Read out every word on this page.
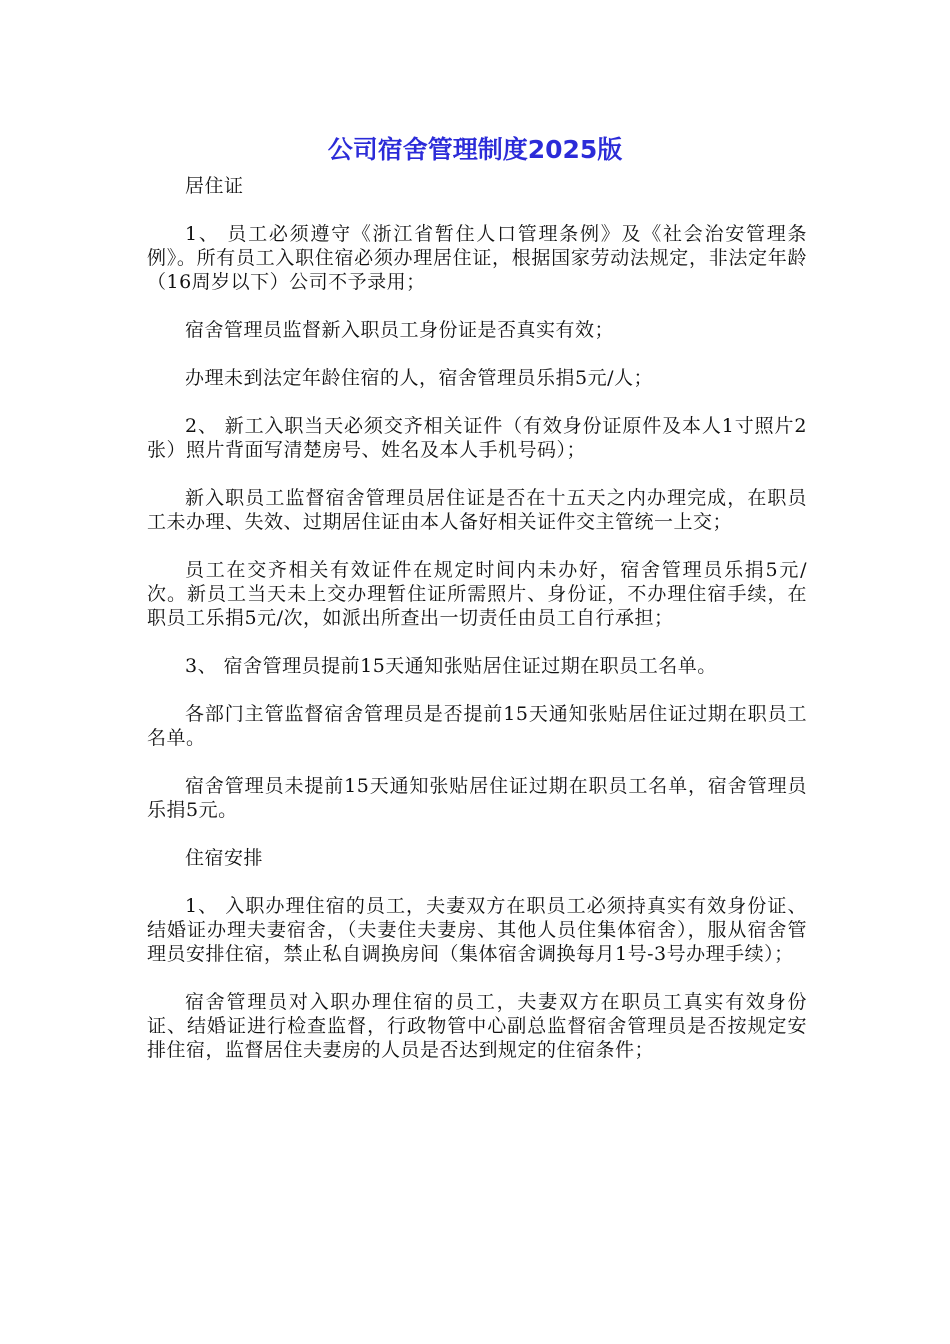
公司宿舍管理制度2025版

居住证

1、 员工必须遵守《浙江省暂住人口管理条例》及《社会治安管理条例》。所有员工入职住宿必须办理居住证，根据国家劳动法规定，非法定年龄（16周岁以下）公司不予录用；

宿舍管理员监督新入职员工身份证是否真实有效；

办理未到法定年龄住宿的人，宿舍管理员乐捐5元/人；

2、 新工入职当天必须交齐相关证件（有效身份证原件及本人1寸照片2张）照片背面写清楚房号、姓名及本人手机号码）；

新入职员工监督宿舍管理员居住证是否在十五天之内办理完成，在职员工未办理、失效、过期居住证由本人备好相关证件交主管统一上交；

员工在交齐相关有效证件在规定时间内未办好，宿舍管理员乐捐5元/次。新员工当天未上交办理暂住证所需照片、身份证，不办理住宿手续，在职员工乐捐5元/次，如派出所查出一切责任由员工自行承担；

3、 宿舍管理员提前15天通知张贴居住证过期在职员工名单。

各部门主管监督宿舍管理员是否提前15天通知张贴居住证过期在职员工名单。

宿舍管理员未提前15天通知张贴居住证过期在职员工名单，宿舍管理员乐捐5元。

住宿安排

1、 入职办理住宿的员工，夫妻双方在职员工必须持真实有效身份证、结婚证办理夫妻宿舍，（夫妻住夫妻房、其他人员住集体宿舍），服从宿舍管理员安排住宿，禁止私自调换房间（集体宿舍调换每月1号-3号办理手续）；

宿舍管理员对入职办理住宿的员工，夫妻双方在职员工真实有效身份证、结婚证进行检查监督，行政物管中心副总监督宿舍管理员是否按规定安排住宿，监督居住夫妻房的人员是否达到规定的住宿条件；
